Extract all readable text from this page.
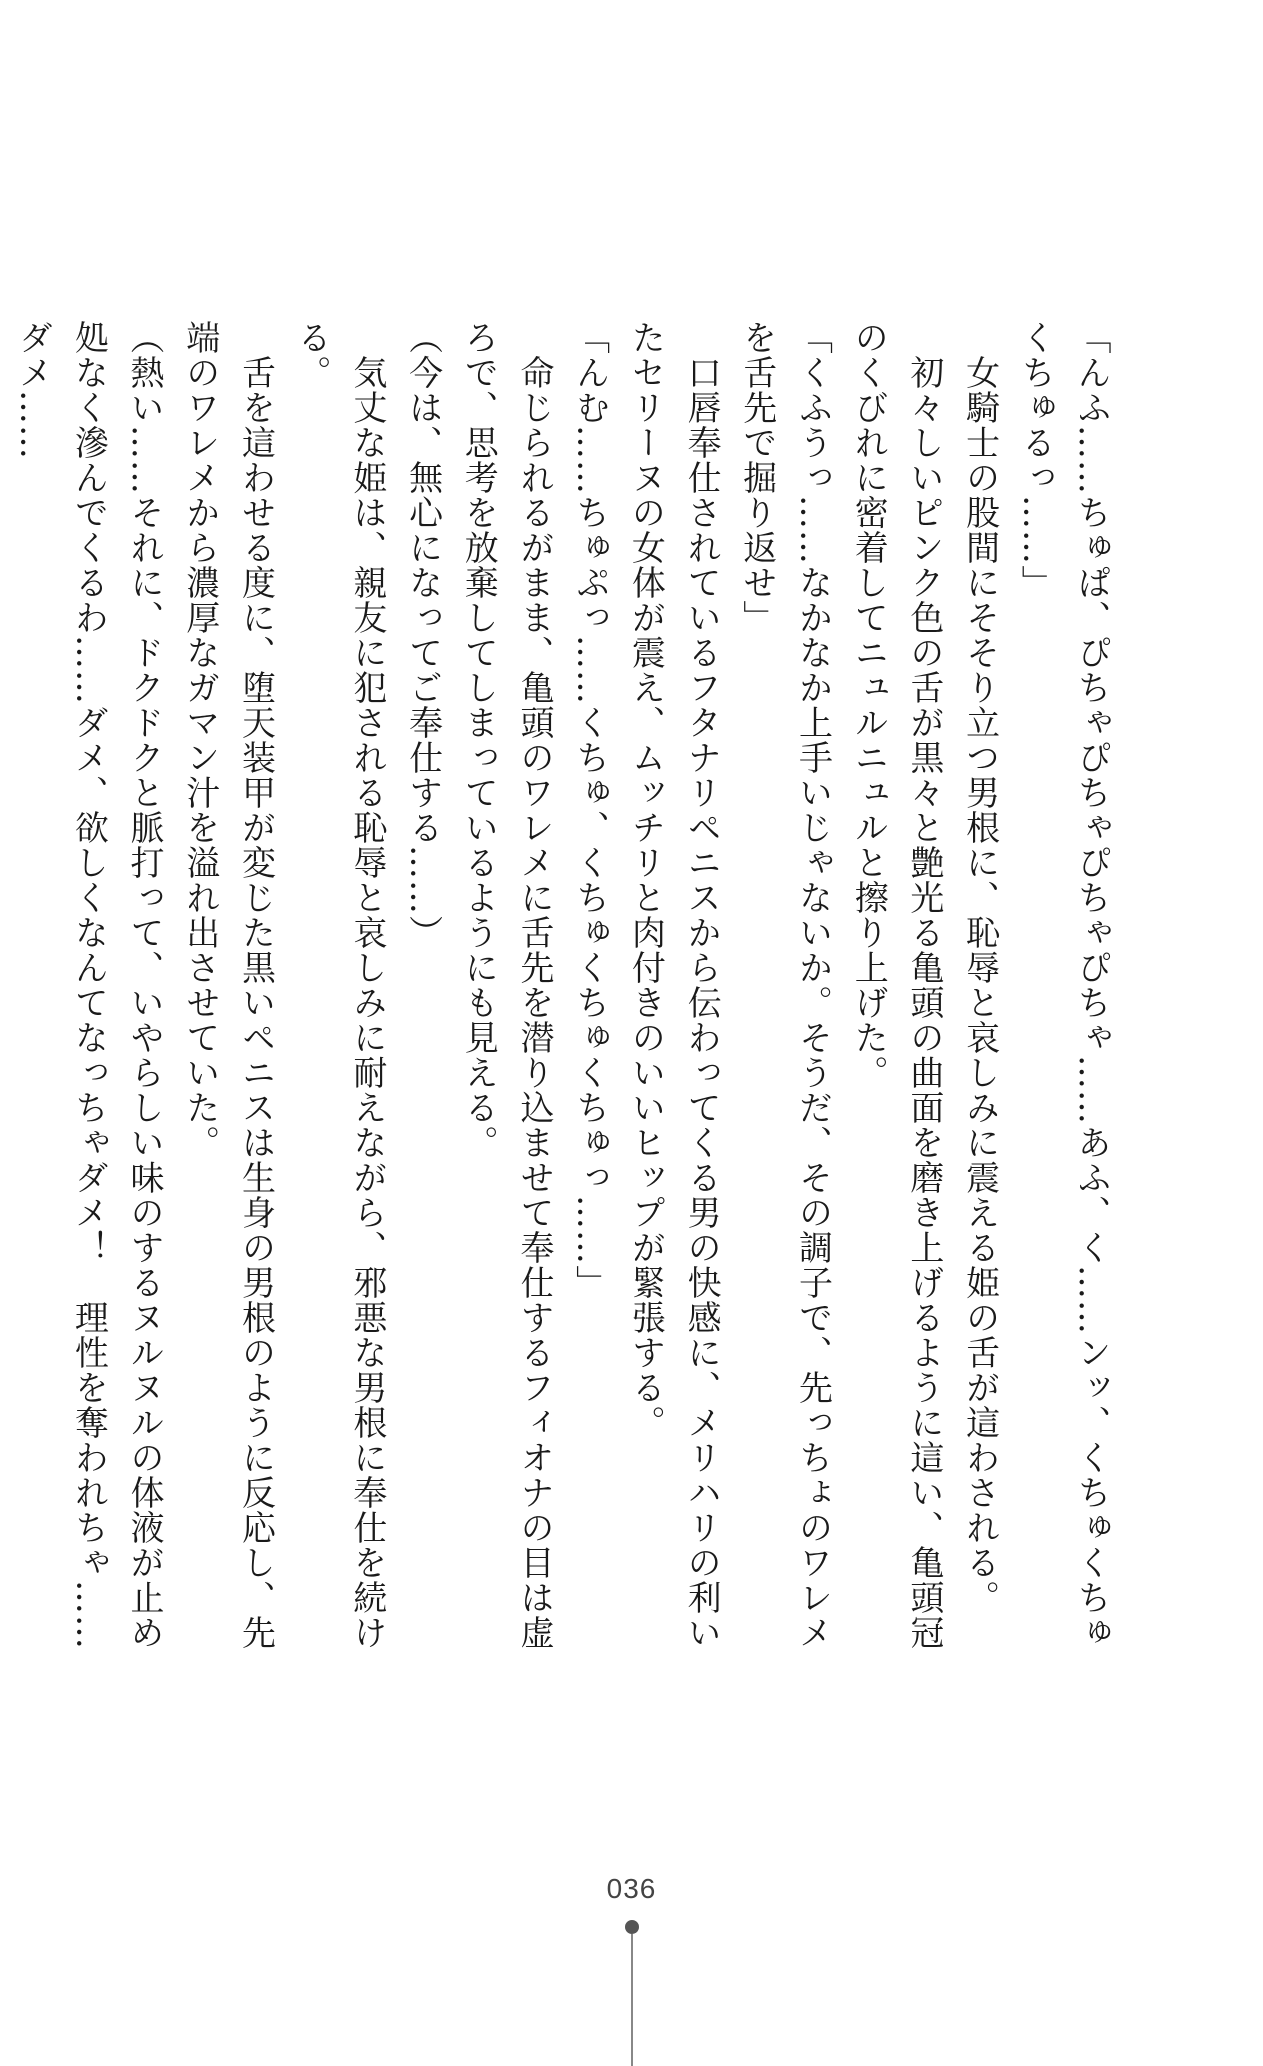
「んふ……ちゅぱ、ぴちゃぴちゃぴちゃぴちゃ……あふ、く……ンッ、くちゅくちゅくちゅるっ……」

　女騎士の股間にそそり立つ男根に、恥辱と哀しみに震える姫の舌が這わされる。

　初々しいピンク色の舌が黒々と艶光る亀頭の曲面を磨き上げるように這い、亀頭冠のくびれに密着してニュルニュルと擦り上げた。

「くふうっ……なかなか上手いじゃないか。そうだ、その調子で、先っちょのワレメを舌先で掘り返せ」

　口唇奉仕されているフタナリペニスから伝わってくる男の快感に、メリハリの利いたセリーヌの女体が震え、ムッチリと肉付きのいいヒップが緊張する。

「んむ……ちゅぷっ……くちゅ、くちゅくちゅくちゅっ……」

　命じられるがまま、亀頭のワレメに舌先を潜り込ませて奉仕するフィオナの目は虚ろで、思考を放棄してしまっているようにも見える。

（今は、無心になってご奉仕する……）

　気丈な姫は、親友に犯される恥辱と哀しみに耐えながら、邪悪な男根に奉仕を続ける。

　舌を這わせる度に、堕天装甲が変じた黒いペニスは生身の男根のように反応し、先端のワレメから濃厚なガマン汁を溢れ出させていた。

（熱い……それに、ドクドクと脈打って、いやらしい味のするヌルヌルの体液が止め処なく滲んでくるわ……ダメ、欲しくなんてなっちゃダメ！　理性を奪われちゃ……ダメ……

036
